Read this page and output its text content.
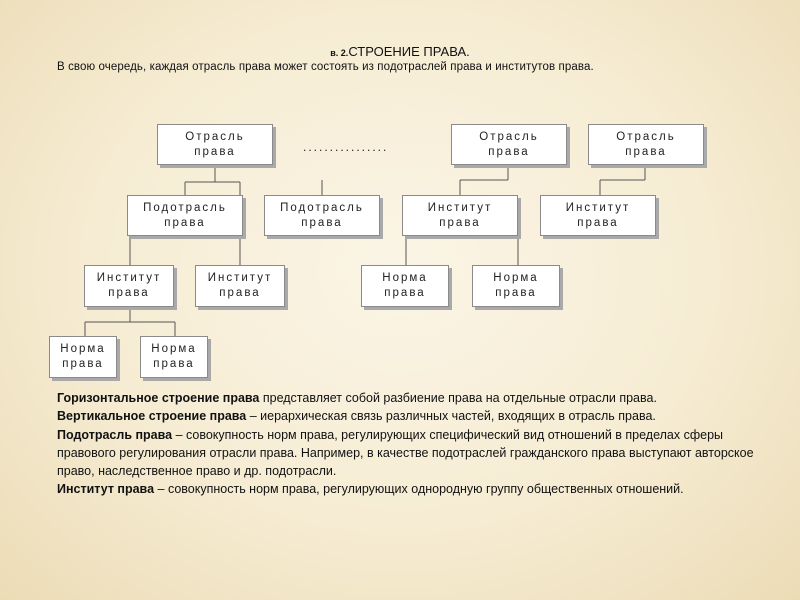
в. 2.СТРОЕНИЕ ПРАВА.
В свою очередь, каждая отрасль права может состоять из подотраслей права и институтов права.
Отрасль
права	................
Отрасль
права
Отрасль
права
Подотрасль
права
Подотрасль
права
Институт
права
Институт
права
Институт
права
Институт
права
Норма
права
Норма
права
Норма
права
Норма
права

Горизонтальное строение права представляет собой разбиение права на отдельные отрасли права.

Вертикальное строение права – иерархическая связь различных частей, входящих в отрасль права.

Подотрасль права – совокупность норм права, регулирующих специфический вид отношений в пределах сферы правового регулирования отрасли права. Например, в качестве подотраслей гражданского права выступают авторское право, наследственное право и др. подотрасли.

Институт права – совокупность норм права, регулирующих однородную группу общественных отношений.
